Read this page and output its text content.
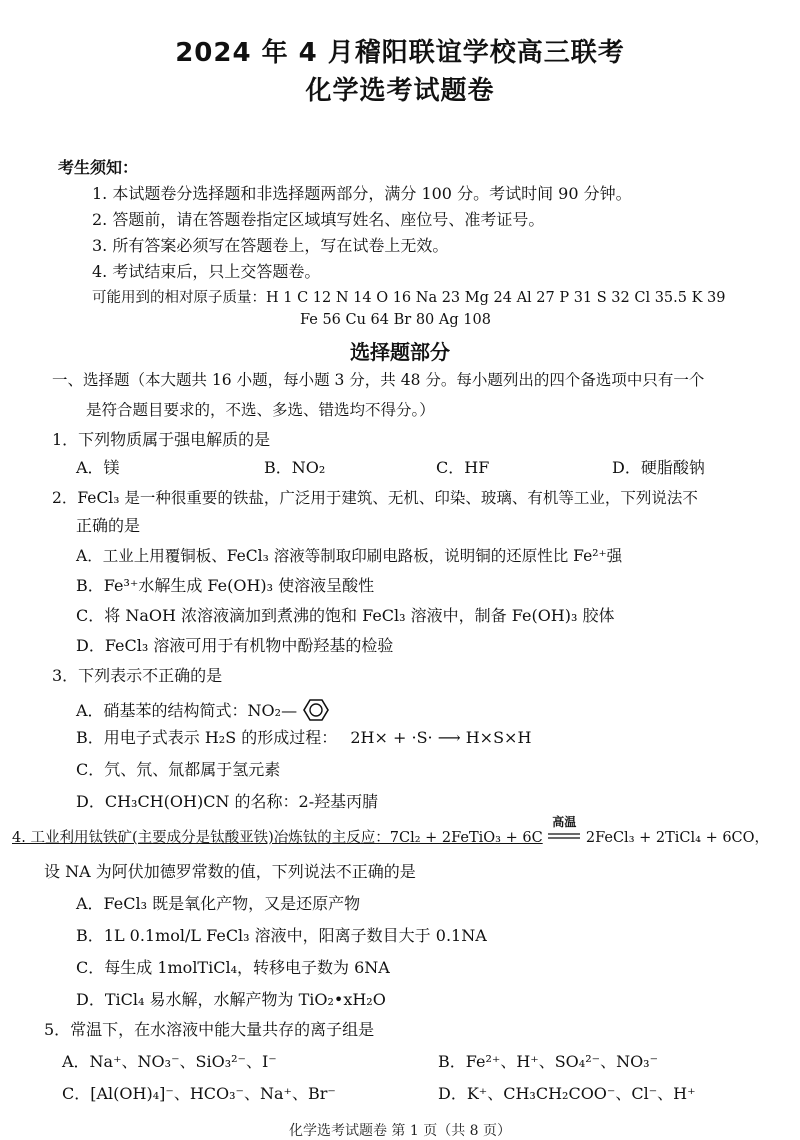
2024 年 4 月稽阳联谊学校高三联考
化学选考试题卷
考生须知：
1. 本试题卷分选择题和非选择题两部分，满分 100 分。考试时间 90 分钟。
2. 答题前，请在答题卷指定区域填写姓名、座位号、准考证号。
3. 所有答案必须写在答题卷上，写在试卷上无效。
4. 考试结束后，只上交答题卷。
可能用到的相对原子质量：H 1 C 12 N 14 O 16 Na 23 Mg 24 Al 27 P 31 S 32 Cl 35.5 K 39
Fe 56 Cu 64 Br 80 Ag 108
选择题部分
一、选择题（本大题共 16 小题，每小题 3 分，共 48 分。每小题列出的四个备选项中只有一个
是符合题目要求的，不选、多选、错选均不得分。）
1．下列物质属于强电解质的是
A．镁	B．NO₂	C．HF	D．硬脂酸钠
2．FeCl₃ 是一种很重要的铁盐，广泛用于建筑、无机、印染、玻璃、有机等工业，下列说法不
正确的是
A．工业上用覆铜板、FeCl₃ 溶液等制取印刷电路板，说明铜的还原性比 Fe²⁺强
B．Fe³⁺水解生成 Fe(OH)₃ 使溶液呈酸性
C．将 NaOH 浓溶液滴加到煮沸的饱和 FeCl₃ 溶液中，制备 Fe(OH)₃ 胶体
D．FeCl₃ 溶液可用于有机物中酚羟基的检验
3．下列表示不正确的是
A．硝基苯的结构简式：NO₂—
B．用电子式表示 H₂S 的形成过程： 2H× + ·S· ⟶ H×S×H
C．氕、氘、氚都属于氢元素
D．CH₃CH(OH)CN 的名称：2-羟基丙腈
4. 工业利用钛铁矿(主要成分是钛酸亚铁)冶炼钛的主反应：7Cl₂ + 2FeTiO₃ + 6C
高温
2FeCl₃ + 2TiCl₄ + 6CO，
设 NA 为阿伏加德罗常数的值，下列说法不正确的是
A．FeCl₃ 既是氧化产物，又是还原产物
B．1L 0.1mol/L FeCl₃ 溶液中，阳离子数目大于 0.1NA
C．每生成 1molTiCl₄，转移电子数为 6NA
D．TiCl₄ 易水解，水解产物为 TiO₂•xH₂O
5．常温下，在水溶液中能大量共存的离子组是
A．Na⁺、NO₃⁻、SiO₃²⁻、I⁻	B．Fe²⁺、H⁺、SO₄²⁻、NO₃⁻
C．[Al(OH)₄]⁻、HCO₃⁻、Na⁺、Br⁻	D．K⁺、CH₃CH₂COO⁻、Cl⁻、H⁺
化学选考试题卷 第 1 页（共 8 页）
